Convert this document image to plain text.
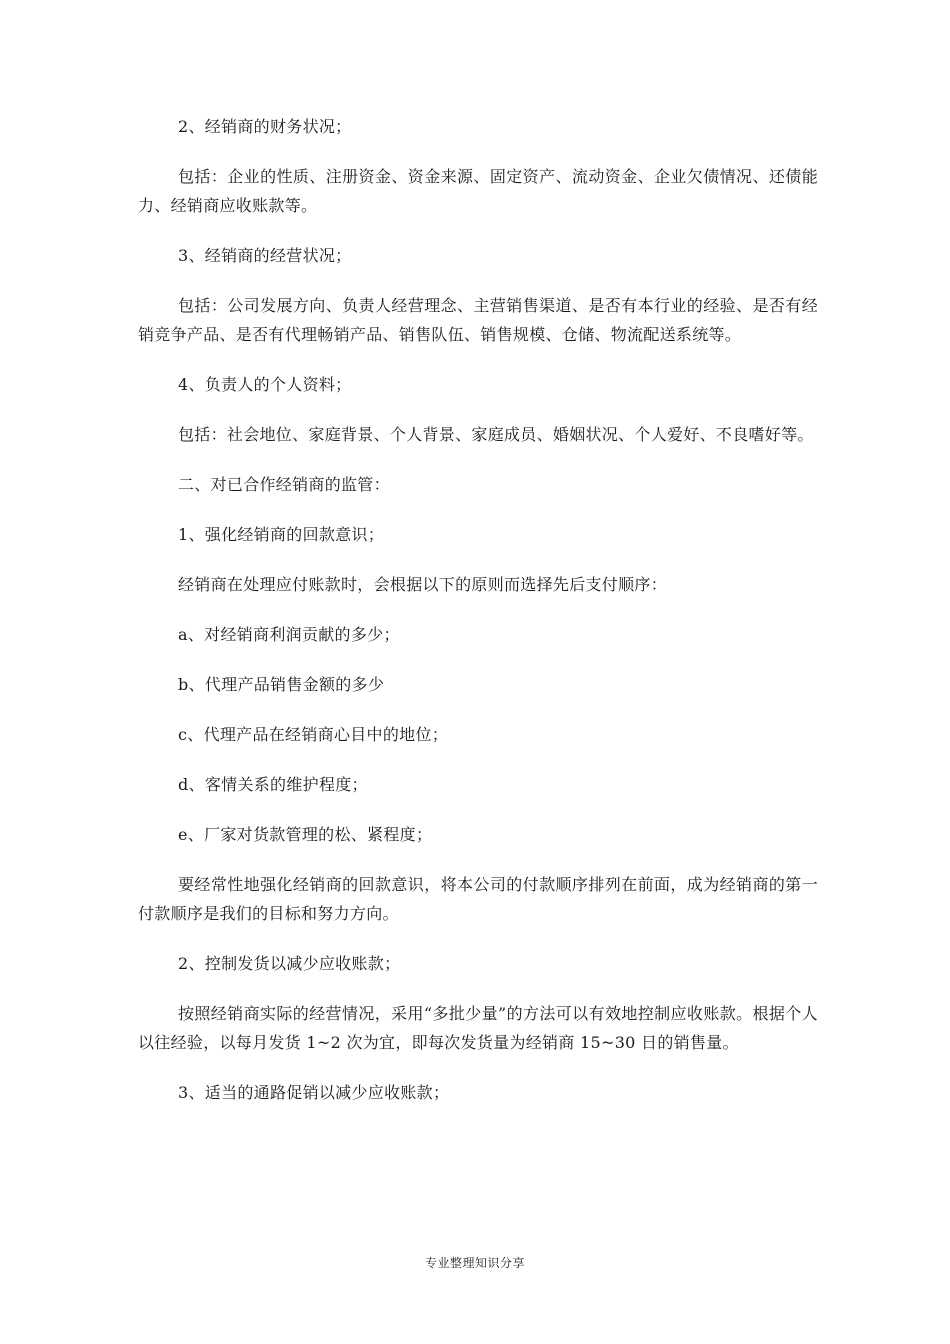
2、经销商的财务状况；

包括：企业的性质、注册资金、资金来源、固定资产、流动资金、企业欠债情况、还债能力、经销商应收账款等。

3、经销商的经营状况；

包括：公司发展方向、负责人经营理念、主营销售渠道、是否有本行业的经验、是否有经销竞争产品、是否有代理畅销产品、销售队伍、销售规模、仓储、物流配送系统等。

4、负责人的个人资料；

包括：社会地位、家庭背景、个人背景、家庭成员、婚姻状况、个人爱好、不良嗜好等。

二、对已合作经销商的监管：

1、强化经销商的回款意识；

经销商在处理应付账款时，会根据以下的原则而选择先后支付顺序：

a、对经销商利润贡献的多少；

b、代理产品销售金额的多少

c、代理产品在经销商心目中的地位；

d、客情关系的维护程度；

e、厂家对货款管理的松、紧程度；

要经常性地强化经销商的回款意识，将本公司的付款顺序排列在前面，成为经销商的第一付款顺序是我们的目标和努力方向。

2、控制发货以减少应收账款；

按照经销商实际的经营情况，采用“多批少量”的方法可以有效地控制应收账款。根据个人以往经验，以每月发货 1~2 次为宜，即每次发货量为经销商 15~30 日的销售量。

3、适当的通路促销以减少应收账款；

专业整理知识分享
